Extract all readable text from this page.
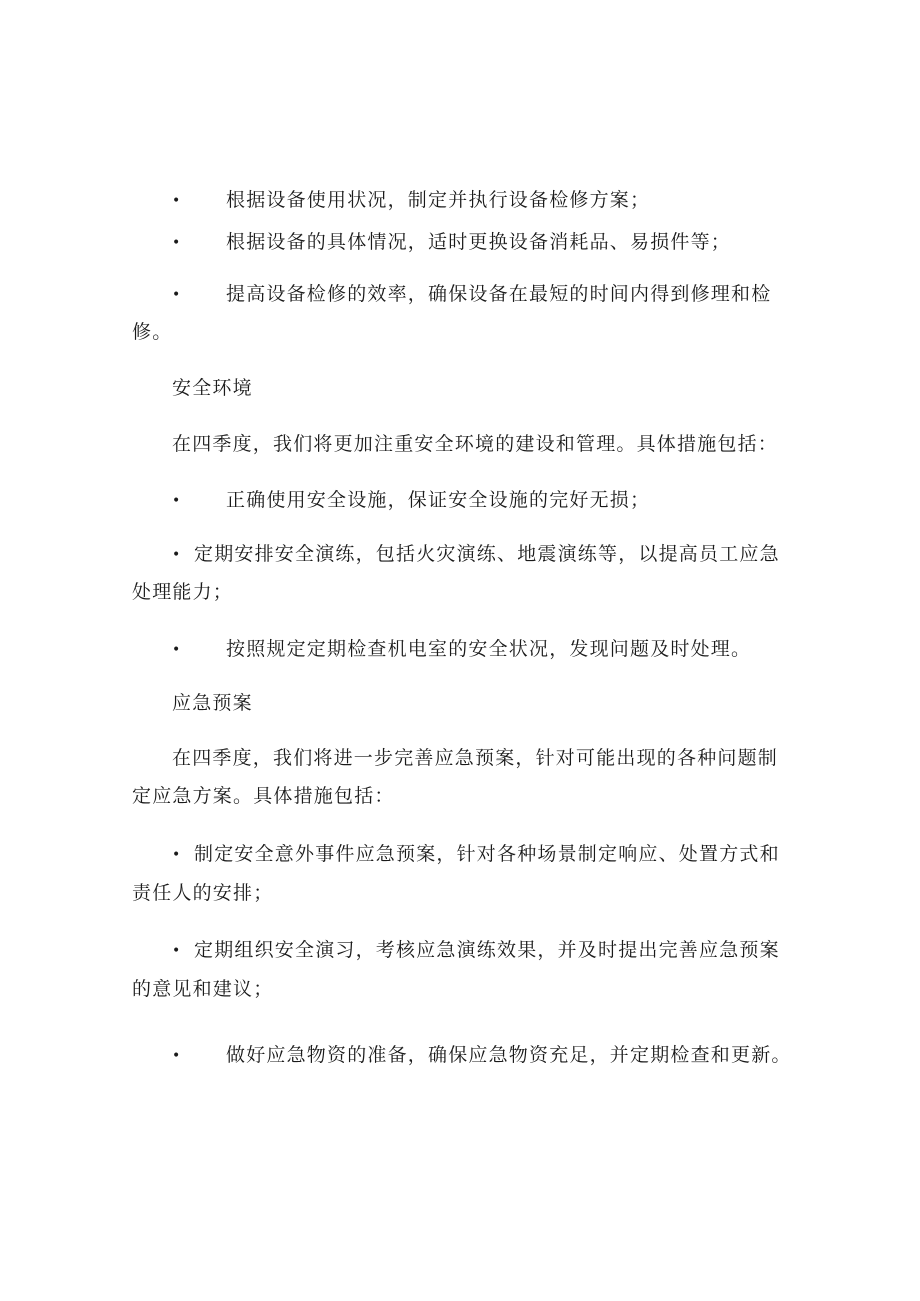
• 根据设备使用状况，制定并执行设备检修方案；
• 根据设备的具体情况，适时更换设备消耗品、易损件等；
• 提高设备检修的效率，确保设备在最短的时间内得到修理和检
修。
安全环境
在四季度，我们将更加注重安全环境的建设和管理。具体措施包括：
• 正确使用安全设施，保证安全设施的完好无损；
• 定期安排安全演练，包括火灾演练、地震演练等，以提高员工应急
处理能力；
• 按照规定定期检查机电室的安全状况，发现问题及时处理。
应急预案
在四季度，我们将进一步完善应急预案，针对可能出现的各种问题制
定应急方案。具体措施包括：
• 制定安全意外事件应急预案，针对各种场景制定响应、处置方式和
责任人的安排；
• 定期组织安全演习，考核应急演练效果，并及时提出完善应急预案
的意见和建议；
• 做好应急物资的准备，确保应急物资充足，并定期检查和更新。
